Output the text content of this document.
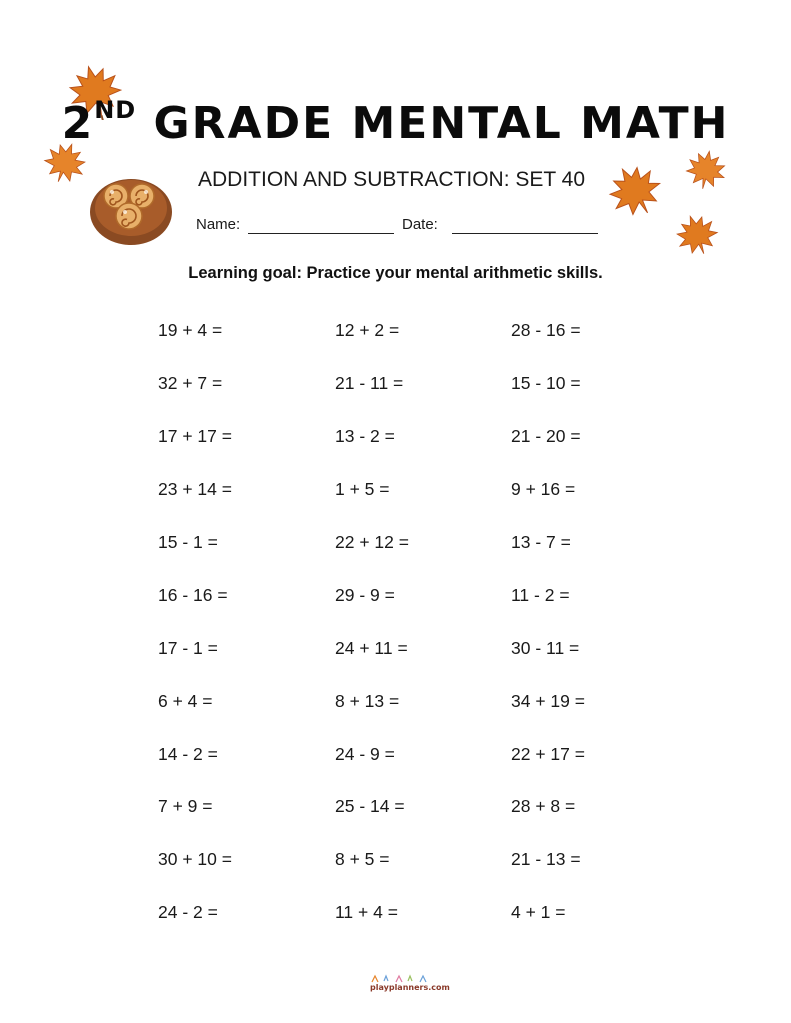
2ND GRADE MENTAL MATH
ADDITION AND SUBTRACTION: SET 40
Name:	Date:
Learning goal: Practice your mental arithmetic skills.
19 + 4 =
32 + 7 =
17 + 17 =
23 + 14 =
15 - 1 =
16 - 16 =
17 - 1 =
6 + 4 =
14 - 2 =
7 + 9 =
30 + 10 =
24 - 2 =
12 + 2 =
21 - 11 =
13 - 2 =
1 + 5 =
22 + 12 =
29 - 9 =
24 + 11 =
8 + 13 =
24 - 9 =
25 - 14 =
8 + 5 =
11 + 4 =
28 - 16 =
15 - 10 =
21 - 20 =
9 + 16 =
13 - 7 =
11 - 2 =
30 - 11 =
34 + 19 =
22 + 17 =
28 + 8 =
21 - 13 =
4 + 1 =
playplanners.com
